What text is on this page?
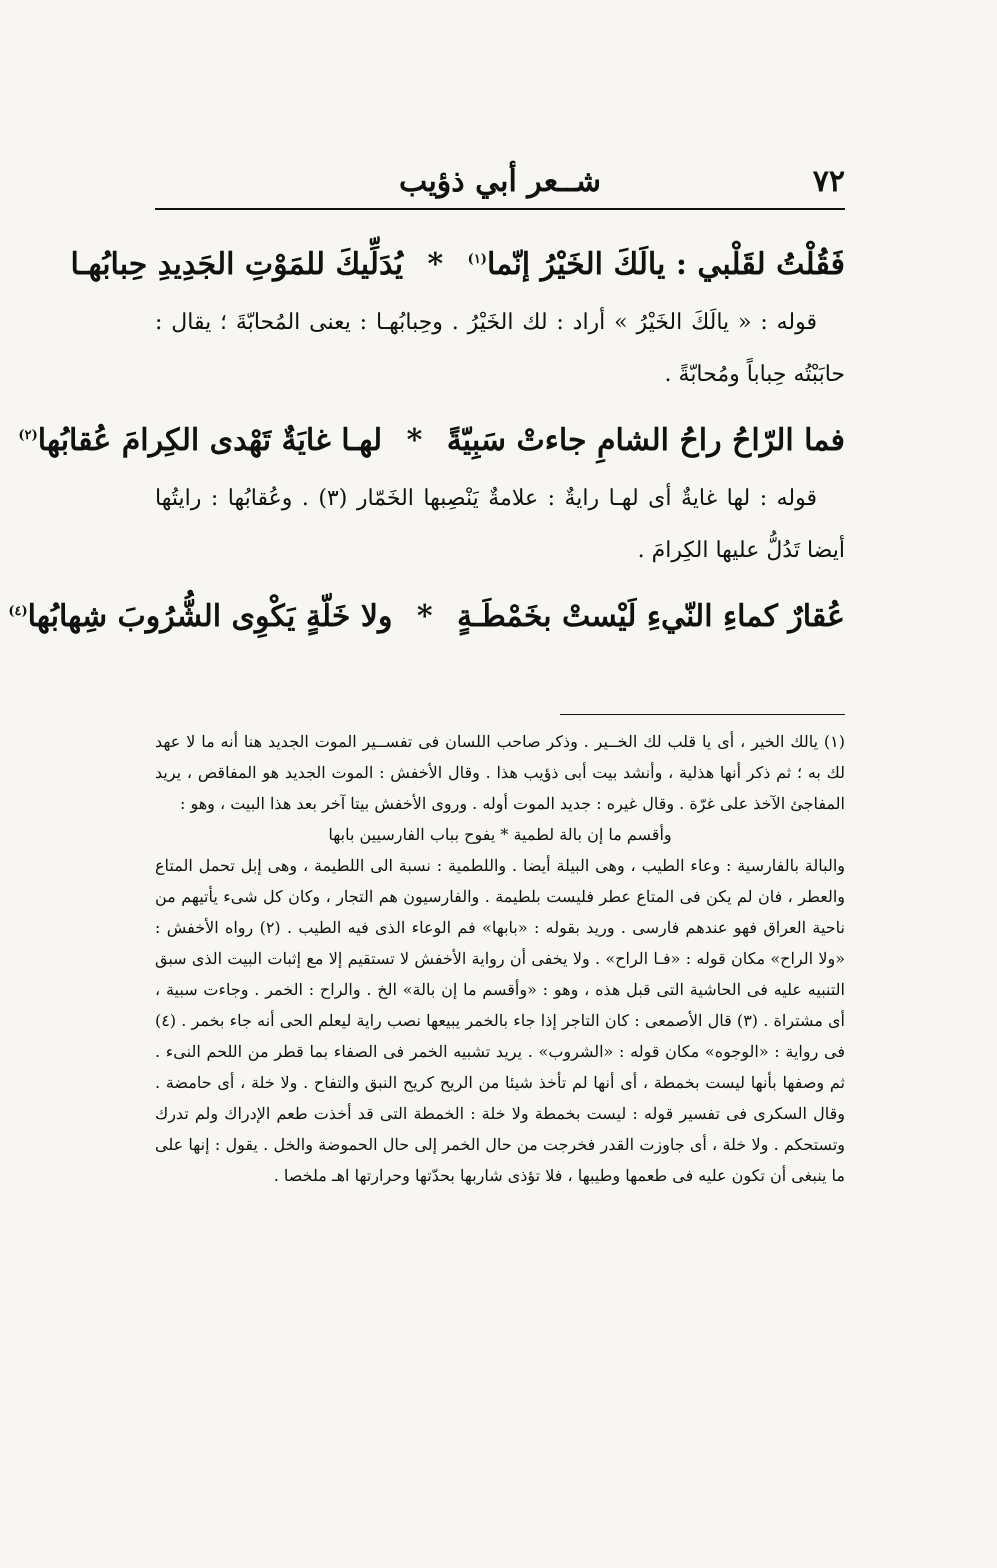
٧٢
شــعر أبي ذؤيب
فَقُلْتُ لقَلْبي : يالَكَ الخَيْرُ إنّما$^{(١)}$ * يُدَلِّيكَ للمَوْتِ الجَدِيدِ حِبابُهـا

قوله : « يالَكَ الخَيْرُ » أراد : لك الخَيْرُ . وحِبابُهـا : يعنى المُحابّةَ ؛ يقال : حابَبْتُه حِباباً ومُحابّةً .

فما الرّاحُ راحُ الشامِ جاءتْ سَبِيّةً * لهـا غايَةٌ تَهْدى الكِرامَ عُقابُها$^{(٢)}$

قوله : لها غايةٌ أى لهـا رايةٌ : علامةٌ يَنْصِبها الخَمّار (٣) . وعُقابُها : رايتُها أيضا تَدُلُّ عليها الكِرامَ .

عُقارٌ كماءِ النّيءِ لَيْستْ بخَمْطَـةٍ * ولا خَلّةٍ يَكْوِى الشُّرُوبَ شِهابُها$^{(٤)}$

(١) يالك الخير ، أى يا قلب لك الخــير . وذكر صاحب اللسان فى تفســير الموت الجديد هنا أنه ما لا عهد لك به ؛ ثم ذكر أنها هذلية ، وأنشد بيت أبى ذؤيب هذا . وقال الأخفش : الموت الجديد هو المفاقص ، يريد المفاجئ الآخذ على غرّة . وقال غيره : جديد الموت أوله . وروى الأخفش بيتا آخر بعد هذا البيت ، وهو :

وأقسم ما إن بالة لطمية * يفوح بباب الفارسيين بابها

والبالة بالفارسية : وعاء الطيب ، وهى البيلة أيضا . واللطمية : نسبة الى اللطيمة ، وهى إبل تحمل المتاع والعطر ، فان لم يكن فى المتاع عطر فليست بلطيمة . والفارسيون هم التجار ، وكان كل شىء يأتيهم من ناحية العراق فهو عندهم فارسى . وريد بقوله : «بابها» فم الوعاء الذى فيه الطيب . (٢) رواه الأخفش : «ولا الراح» مكان قوله : «فـا الراح» . ولا يخفى أن رواية الأخفش لا تستقيم إلا مع إثبات البيت الذى سبق التنبيه عليه فى الحاشية التى قبل هذه ، وهو : «وأقسم ما إن بالة» الخ . والراح : الخمر . وجاءت سبية ، أى مشتراة . (٣) قال الأصمعى : كان التاجر إذا جاء بالخمر يبيعها نصب راية ليعلم الحى أنه جاء بخمر . (٤) فى رواية : «الوجوه» مكان قوله : «الشروب» . يريد تشبيه الخمر فى الصفاء بما قطر من اللحم النىء . ثم وصفها بأنها ليست بخمطة ، أى أنها لم تأخذ شيئا من الريح كريح النبق والتفاح . ولا خلة ، أى حامضة . وقال السكرى فى تفسير قوله : ليست بخمطة ولا خلة : الخمطة التى قد أخذت طعم الإدراك ولم تدرك وتستحكم . ولا خلة ، أى جاوزت القدر فخرجت من حال الخمر إلى حال الحموضة والخل . يقول : إنها على ما ينبغى أن تكون عليه فى طعمها وطيبها ، فلا تؤذى شاربها بحدّتها وحرارتها اهـ ملخصا .
